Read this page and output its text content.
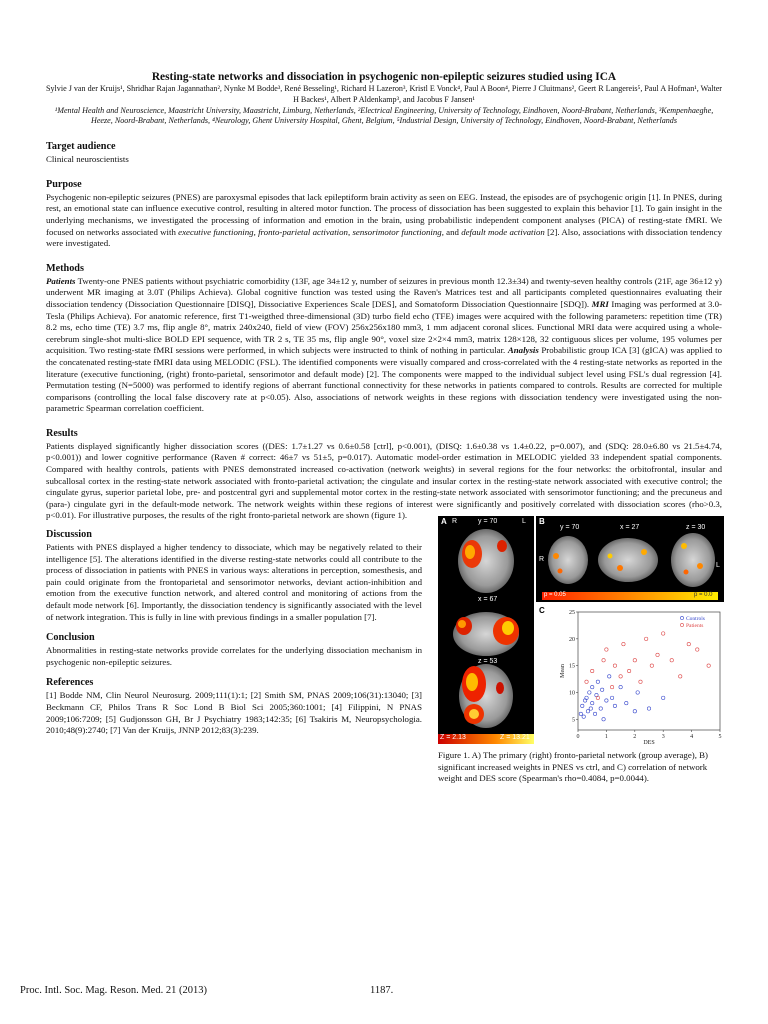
Resting-state networks and dissociation in psychogenic non-epileptic seizures studied using ICA
Sylvie J van der Kruijs¹, Shridhar Rajan Jagannathan², Nynke M Bodde³, René Besseling¹, Richard H Lazeron³, Kristl E Vonck⁴, Paul A Boon⁴, Pierre J Cluitmans², Geert R Langereis⁵, Paul A Hofman¹, Walter H Backes¹, Albert P Aldenkamp³, and Jacobus F Jansen¹
¹Mental Health and Neuroscience, Maastricht University, Maastricht, Limburg, Netherlands, ²Electrical Engineering, University of Technology, Eindhoven, Noord-Brabant, Netherlands, ³Kempenhaeghe, Heeze, Noord-Brabant, Netherlands, ⁴Neurology, Ghent University Hospital, Ghent, Belgium, ⁵Industrial Design, University of Technology, Eindhoven, Noord-Brabant, Netherlands
Target audience

Clinical neuroscientists

Purpose

Psychogenic non-epileptic seizures (PNES) are paroxysmal episodes that lack epileptiform brain activity as seen on EEG. Instead, the episodes are of psychogenic origin [1]. In PNES, during rest, an emotional state can influence executive control, resulting in altered motor function. The process of dissociation has been suggested to explain this behavior [1]. To gain insight in the underlying mechanisms, we investigated the processing of information and emotion in the brain, using probabilistic independent component analyses (PICA) of resting-state fMRI. We focused on networks associated with executive functioning, fronto-parietal activation, sensorimotor functioning, and default mode activation [2]. Also, associations with dissociation tendency were investigated.

Methods

Patients Twenty-one PNES patients without psychiatric comorbidity (13F, age 34±12 y, number of seizures in previous month 12.3±34) and twenty-seven healthy controls (21F, age 36±12 y) underwent MR imaging at 3.0T (Philips Achieva). Global cognitive function was tested using the Raven's Matrices test and all participants completed questionnaires evaluating their dissociation tendency (Dissociation Questionnaire [DISQ], Dissociative Experiences Scale [DES], and Somatoform Dissociation Questionnaire [SDQ]). MRI Imaging was performed at 3.0-Tesla (Philips Achieva). For anatomic reference, first T1-weigthed three-dimensional (3D) turbo field echo (TFE) images were acquired with the following parameters: repetition time (TR) 8.2 ms, echo time (TE) 3.7 ms, flip angle 8°, matrix 240x240, field of view (FOV) 256x256x180 mm3, 1 mm adjacent coronal slices. Functional MRI data were acquired using a whole-cerebrum single-shot multi-slice BOLD EPI sequence, with TR 2 s, TE 35 ms, flip angle 90°, voxel size 2×2×4 mm3, matrix 128×128, 32 contiguous slices per volume, 195 volumes per acquisition. Two resting-state fMRI sessions were performed, in which subjects were instructed to think of nothing in particular. Analysis Probabilistic group ICA [3] (gICA) was applied to the concatenated resting-state fMRI data using MELODIC (FSL). The identified components were visually compared and cross-correlated with the 4 resting-state networks as reported in the literature (executive functioning, (right) fronto-parietal, sensorimotor and default mode) [2]. The components were mapped to the individual subject level using FSL's dual regression [4]. Permutation testing (N=5000) was performed to identify regions of aberrant functional connectivity for these networks in patients compared to controls. Results are corrected for multiple comparisons (controlling the local false discovery rate at p<0.05). Also, associations of network weights in these regions with dissociation tendency were investigated using the non-parametric Spearman correlation coefficient.

Results

Patients displayed significantly higher dissociation scores ((DES: 1.7±1.27 vs 0.6±0.58 [ctrl], p<0.001), (DISQ: 1.6±0.38 vs 1.4±0.22, p=0.007), and (SDQ: 28.0±6.80 vs 21.5±4.74, p<0.001)) and lower cognitive performance (Raven # correct: 46±7 vs 51±5, p=0.017). Automatic model-order estimation in MELODIC yielded 33 independent spatial components. Compared with healthy controls, patients with PNES demonstrated increased co-activation (network weights) in several regions for the four networks: the orbitofrontal, insular and subcallosal cortex in the resting-state network associated with fronto-parietal activation; the cingulate and insular cortex in the resting-state network associated with executive control; the cingulate gyrus, superior parietal lobe, pre- and postcentral gyri and supplemental motor cortex in the resting-state network associated with sensorimotor functioning; and the precuneus and (para-) cingulate gyri in the default-mode network. The network weights within these regions of interest were significantly and positively correlated with dissociation scores (rho>0.3, p<0.01). For illustrative purposes, the results of the right fronto-parietal network are shown (figure 1).

Discussion

Patients with PNES displayed a higher tendency to dissociate, which may be negatively related to their intelligence [5]. The alterations identified in the diverse resting-state networks could all contribute to the process of dissociation in patients with PNES in various ways: alterations in perception, somesthesis, and pain could originate from the frontoparietal and sensorimotor networks, deviant action-inhibition and emotion from the executive function network, and altered control and monitoring of actions from the default mode network [6]. Importantly, the dissociation tendency is significantly associated with the level of network integration. This is fully in line with previous findings in a smaller population [7].

Conclusion

Abnormalities in resting-state networks provide correlates for the underlying dissociation mechanism in psychogenic non-epileptic seizures.

References

[1] Bodde NM, Clin Neurol Neurosurg. 2009;111(1):1; [2] Smith SM, PNAS 2009;106(31):13040; [3] Beckmann CF, Philos Trans R Soc Lond B Biol Sci 2005;360:1001; [4] Filippini, N PNAS 2009;106:7209; [5] Gudjonsson GH, Br J Psychiatry 1983;142:35; [6] Tsakiris M, Neuropsychologia. 2010;48(9):2740; [7] Van der Kruijs, JNNP 2012;83(3):239.

0	1	2	3	4	5
5
10
15
20
25
DES
Mean
Controls
Patients
A R	y = 70	L
x = 67
z = 53
Z = 2.13	Z = 13.21
B
y = 70	x = 27	z = 30
R
L
p = 0.05	p = 0.0
C
Figure 1. A) The primary (right) fronto-parietal network (group average), B) significant increased weights in PNES vs ctrl, and C) correlation of network weight and DES score (Spearman's rho=0.4084, p=0.0044).
Proc. Intl. Soc. Mag. Reson. Med. 21 (2013)	1187.
